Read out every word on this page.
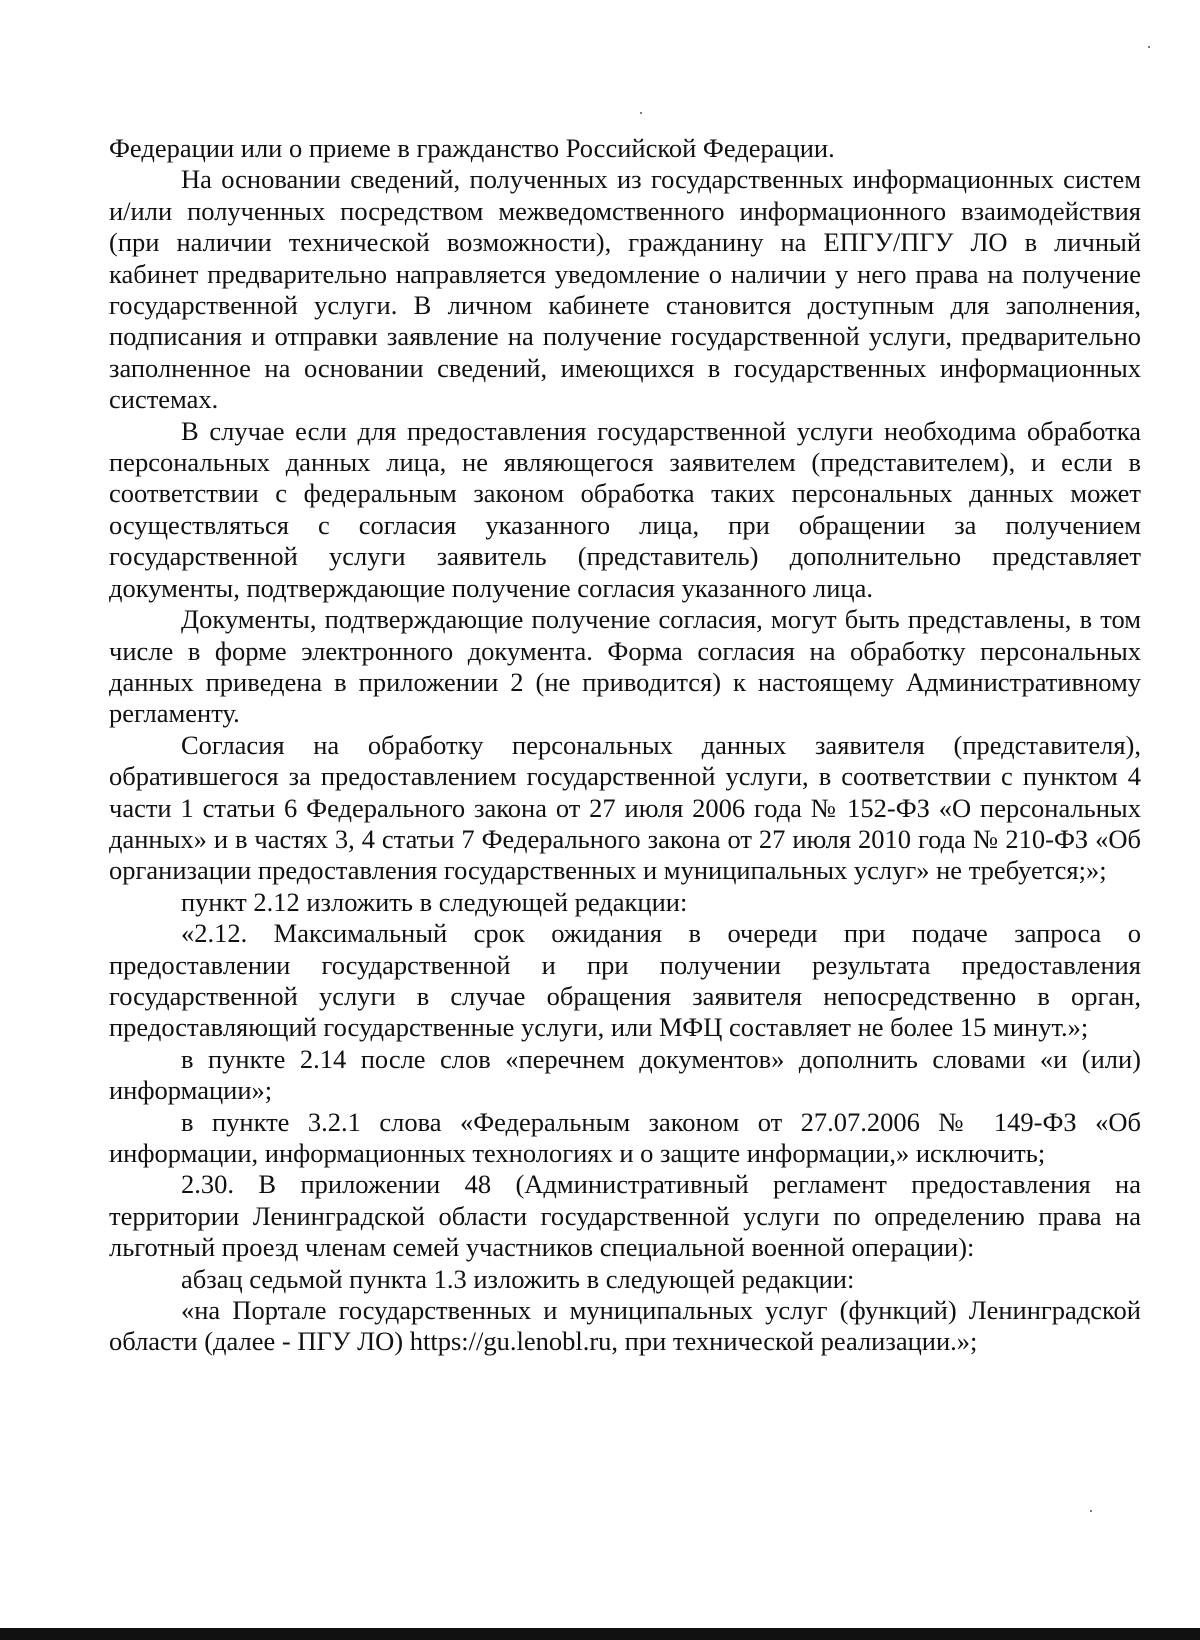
Федерации или о приеме в гражданство Российской Федерации.

На основании сведений, полученных из государственных информационных систем и/или полученных посредством межведомственного информационного взаимодействия (при наличии технической возможности), гражданину на ЕПГУ/ПГУ ЛО в личный кабинет предварительно направляется уведомление о наличии у него права на получение государственной услуги. В личном кабинете становится доступным для заполнения, подписания и отправки заявление на получение государственной услуги, предварительно заполненное на основании сведений, имеющихся в государственных информационных системах.

В случае если для предоставления государственной услуги необходима обработка персональных данных лица, не являющегося заявителем (представителем), и если в соответствии с федеральным законом обработка таких персональных данных может осуществляться с согласия указанного лица, при обращении за получением государственной услуги заявитель (представитель) дополнительно представляет документы, подтверждающие получение согласия указанного лица.

Документы, подтверждающие получение согласия, могут быть представлены, в том числе в форме электронного документа. Форма согласия на обработку персональных данных приведена в приложении 2 (не приводится) к настоящему Административному регламенту.

Согласия на обработку персональных данных заявителя (представителя), обратившегося за предоставлением государственной услуги, в соответствии с пунктом 4 части 1 статьи 6 Федерального закона от 27 июля 2006 года № 152-ФЗ «О персональных данных» и в частях 3, 4 статьи 7 Федерального закона от 27 июля 2010 года № 210-ФЗ «Об организации предоставления государственных и муниципальных услуг» не требуется;»;

пункт 2.12 изложить в следующей редакции:

«2.12. Максимальный срок ожидания в очереди при подаче запроса о предоставлении государственной и при получении результата предоставления государственной услуги в случае обращения заявителя непосредственно в орган, предоставляющий государственные услуги, или МФЦ составляет не более 15 минут.»;

в пункте 2.14 после слов «перечнем документов» дополнить словами «и (или) информации»;

в пункте 3.2.1 слова «Федеральным законом от 27.07.2006 № 149-ФЗ «Об информации, информационных технологиях и о защите информации,» исключить;

2.30. В приложении 48 (Административный регламент предоставления на территории Ленинградской области государственной услуги по определению права на льготный проезд членам семей участников специальной военной операции):

абзац седьмой пункта 1.3 изложить в следующей редакции:

«на Портале государственных и муниципальных услуг (функций) Ленинградской области (далее - ПГУ ЛО) https://gu.lenobl.ru, при технической реализации.»;
